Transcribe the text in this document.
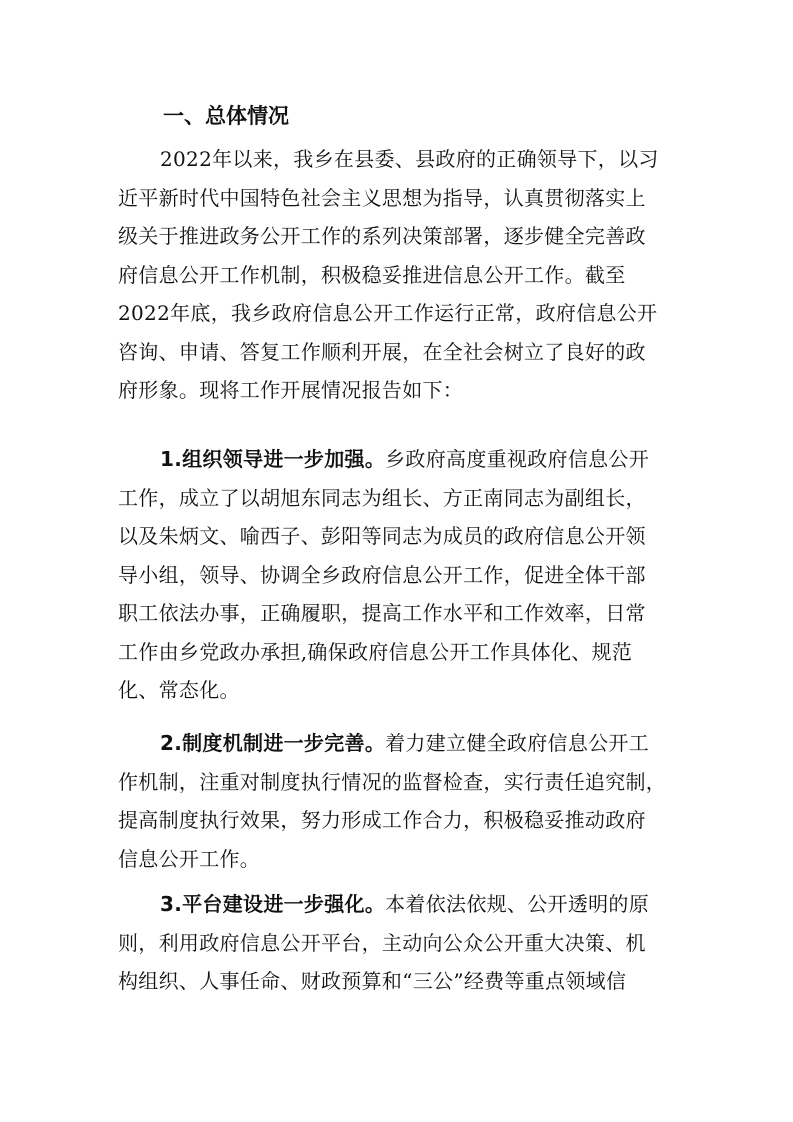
一、总体情况
2022年以来，我乡在县委、县政府的正确领导下，以习
近平新时代中国特色社会主义思想为指导，认真贯彻落实上
级关于推进政务公开工作的系列决策部署，逐步健全完善政
府信息公开工作机制，积极稳妥推进信息公开工作。截至
2022年底，我乡政府信息公开工作运行正常，政府信息公开
咨询、申请、答复工作顺利开展，在全社会树立了良好的政
府形象。现将工作开展情况报告如下：
1.组织领导进一步加强。乡政府高度重视政府信息公开
工作，成立了以胡旭东同志为组长、方正南同志为副组长，
以及朱炳文、喻西子、彭阳等同志为成员的政府信息公开领
导小组，领导、协调全乡政府信息公开工作，促进全体干部
职工依法办事，正确履职，提高工作水平和工作效率，日常
工作由乡党政办承担,确保政府信息公开工作具体化、规范
化、常态化。
2.制度机制进一步完善。着力建立健全政府信息公开工
作机制，注重对制度执行情况的监督检查，实行责任追究制，
提高制度执行效果，努力形成工作合力，积极稳妥推动政府
信息公开工作。
3.平台建设进一步强化。本着依法依规、公开透明的原
则，利用政府信息公开平台，主动向公众公开重大决策、机
构组织、人事任命、财政预算和“三公”经费等重点领域信
